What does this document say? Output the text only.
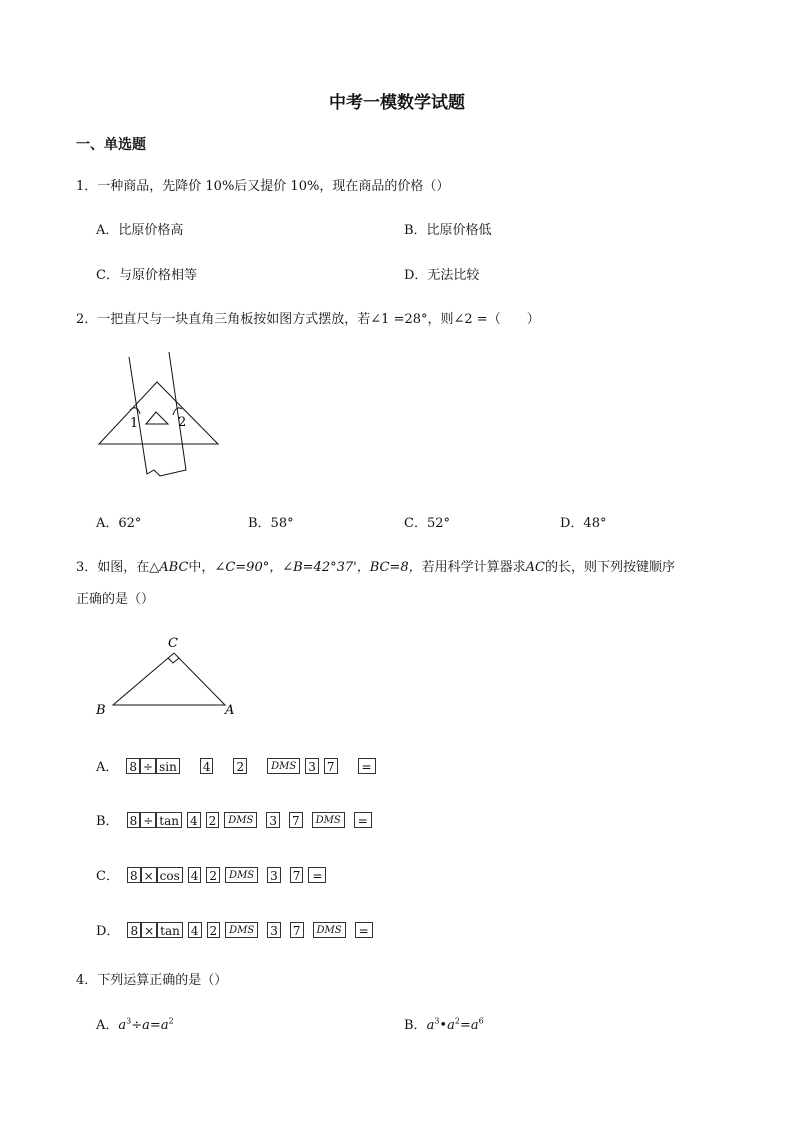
中考一模数学试题
一、单选题
1．一种商品，先降价 10%后又提价 10%，现在商品的价格（）
A．比原价格高	B．比原价格低
C．与原价格相等	D．无法比较
2．一把直尺与一块直角三角板按如图方式摆放，若∠1 =28°，则∠2 =（　　）
1	2
A．62°	B．58°	C．52°	D．48°
3．如图，在△ABC中，∠C=90°，∠B=42°37'，BC=8，若用科学计算器求AC的长，则下列按键顺序
正确的是（）
C
B	A
A． 8 ÷ sin 4 2	DMS	3 7	=
B． 8 ÷ tan 4 2	DMS	3 7	DMS	=
C． 8 × cos 4 2	DMS	3 7 =
D． 8 × tan 4 2	DMS	3 7	DMS	=
4．下列运算正确的是（）
A．$a^3\div a=a^2$	B．$a^3•a^2=a^6$
